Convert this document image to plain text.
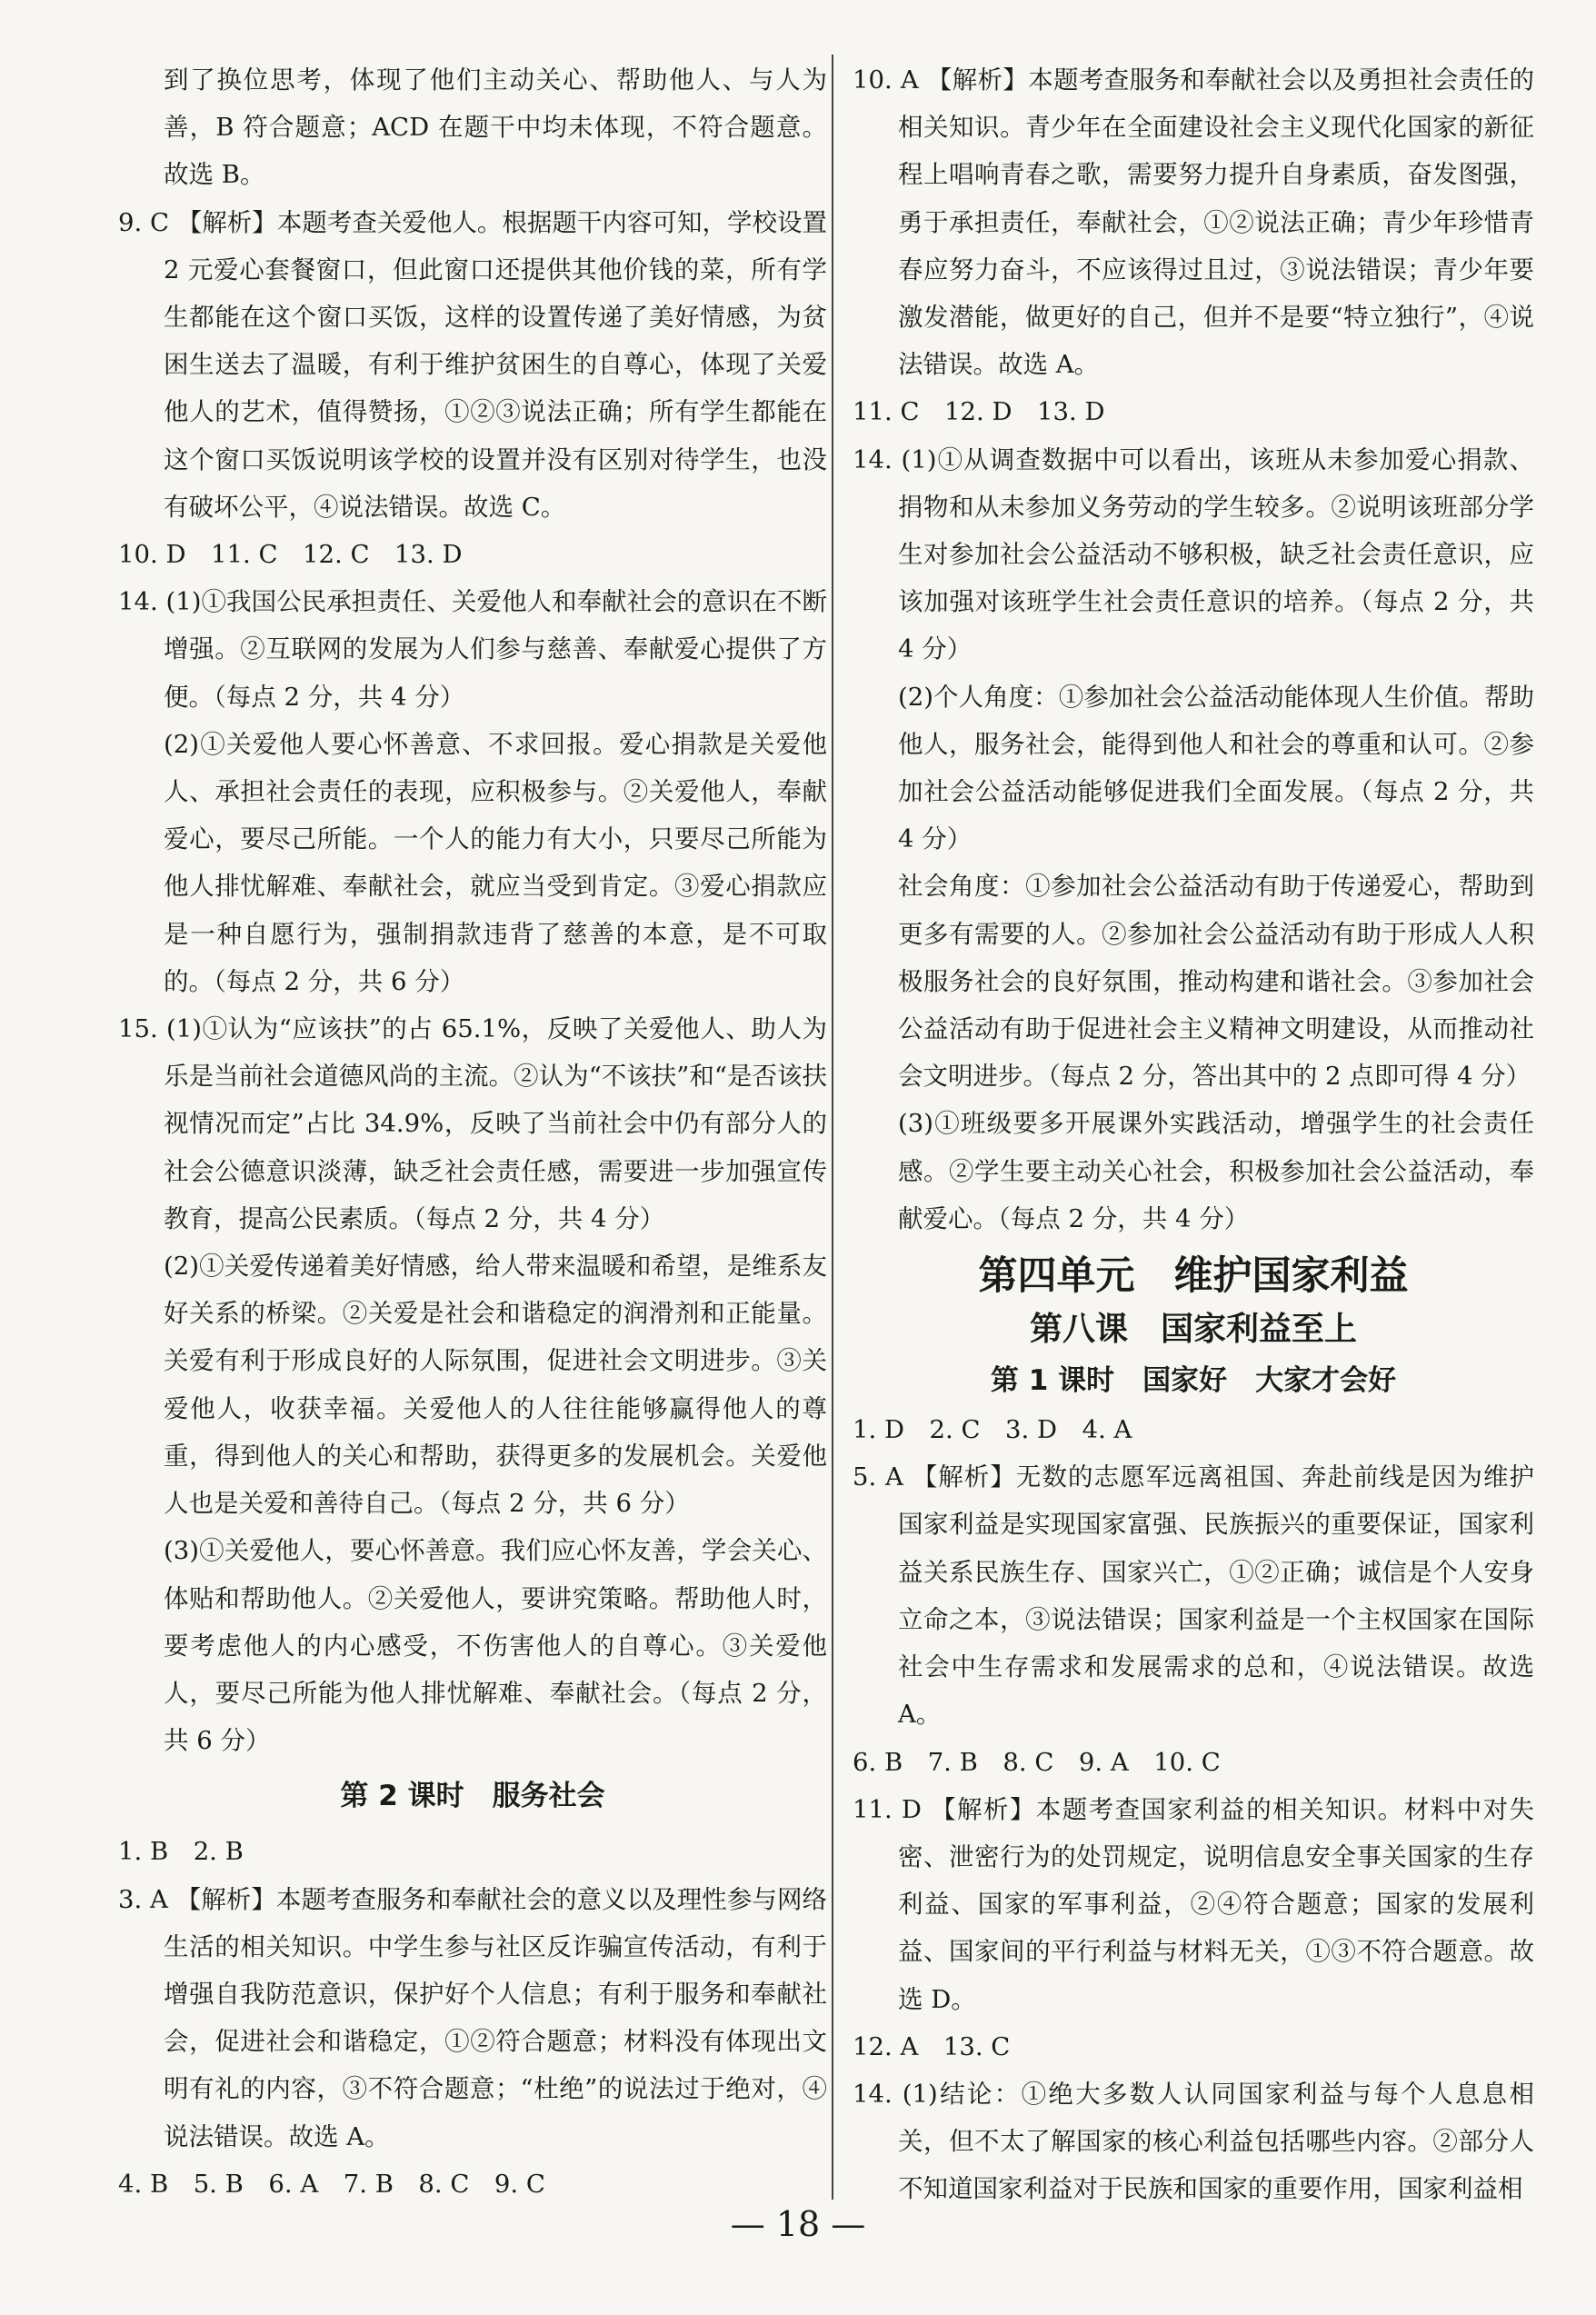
到了换位思考，体现了他们主动关心、帮助他人、与人为善，B 符合题意；ACD 在题干中均未体现，不符合题意。故选 B。
9. C 【解析】本题考查关爱他人。根据题干内容可知，学校设置 2 元爱心套餐窗口，但此窗口还提供其他价钱的菜，所有学生都能在这个窗口买饭，这样的设置传递了美好情感，为贫困生送去了温暖，有利于维护贫困生的自尊心，体现了关爱他人的艺术，值得赞扬，①②③说法正确；所有学生都能在这个窗口买饭说明该学校的设置并没有区别对待学生，也没有破坏公平，④说法错误。故选 C。
10. D　11. C　12. C　13. D
14. (1)①我国公民承担责任、关爱他人和奉献社会的意识在不断增强。②互联网的发展为人们参与慈善、奉献爱心提供了方便。（每点 2 分，共 4 分）
(2)①关爱他人要心怀善意、不求回报。爱心捐款是关爱他人、承担社会责任的表现，应积极参与。②关爱他人，奉献爱心，要尽己所能。一个人的能力有大小，只要尽己所能为他人排忧解难、奉献社会，就应当受到肯定。③爱心捐款应是一种自愿行为，强制捐款违背了慈善的本意，是不可取的。（每点 2 分，共 6 分）
15. (1)①认为“应该扶”的占 65.1%，反映了关爱他人、助人为乐是当前社会道德风尚的主流。②认为“不该扶”和“是否该扶视情况而定”占比 34.9%，反映了当前社会中仍有部分人的社会公德意识淡薄，缺乏社会责任感，需要进一步加强宣传教育，提高公民素质。（每点 2 分，共 4 分）
(2)①关爱传递着美好情感，给人带来温暖和希望，是维系友好关系的桥梁。②关爱是社会和谐稳定的润滑剂和正能量。关爱有利于形成良好的人际氛围，促进社会文明进步。③关爱他人，收获幸福。关爱他人的人往往能够赢得他人的尊重，得到他人的关心和帮助，获得更多的发展机会。关爱他人也是关爱和善待自己。（每点 2 分，共 6 分）
(3)①关爱他人，要心怀善意。我们应心怀友善，学会关心、体贴和帮助他人。②关爱他人，要讲究策略。帮助他人时，要考虑他人的内心感受，不伤害他人的自尊心。③关爱他人，要尽己所能为他人排忧解难、奉献社会。（每点 2 分，共 6 分）
第 2 课时　服务社会
1. B　2. B
3. A 【解析】本题考查服务和奉献社会的意义以及理性参与网络生活的相关知识。中学生参与社区反诈骗宣传活动，有利于增强自我防范意识，保护好个人信息；有利于服务和奉献社会，促进社会和谐稳定，①②符合题意；材料没有体现出文明有礼的内容，③不符合题意；“杜绝”的说法过于绝对，④说法错误。故选 A。
4. B　5. B　6. A　7. B　8. C　9. C
10. A 【解析】本题考查服务和奉献社会以及勇担社会责任的相关知识。青少年在全面建设社会主义现代化国家的新征程上唱响青春之歌，需要努力提升自身素质，奋发图强，勇于承担责任，奉献社会，①②说法正确；青少年珍惜青春应努力奋斗，不应该得过且过，③说法错误；青少年要激发潜能，做更好的自己，但并不是要“特立独行”，④说法错误。故选 A。
11. C　12. D　13. D
14. (1)①从调查数据中可以看出，该班从未参加爱心捐款、捐物和从未参加义务劳动的学生较多。②说明该班部分学生对参加社会公益活动不够积极，缺乏社会责任意识，应该加强对该班学生社会责任意识的培养。（每点 2 分，共 4 分）
(2)个人角度：①参加社会公益活动能体现人生价值。帮助他人，服务社会，能得到他人和社会的尊重和认可。②参加社会公益活动能够促进我们全面发展。（每点 2 分，共 4 分）
社会角度：①参加社会公益活动有助于传递爱心，帮助到更多有需要的人。②参加社会公益活动有助于形成人人积极服务社会的良好氛围，推动构建和谐社会。③参加社会公益活动有助于促进社会主义精神文明建设，从而推动社会文明进步。（每点 2 分，答出其中的 2 点即可得 4 分）
(3)①班级要多开展课外实践活动，增强学生的社会责任感。②学生要主动关心社会，积极参加社会公益活动，奉献爱心。（每点 2 分，共 4 分）
第四单元　维护国家利益
第八课　国家利益至上
第 1 课时　国家好　大家才会好
1. D　2. C　3. D　4. A
5. A 【解析】无数的志愿军远离祖国、奔赴前线是因为维护国家利益是实现国家富强、民族振兴的重要保证，国家利益关系民族生存、国家兴亡，①②正确；诚信是个人安身立命之本，③说法错误；国家利益是一个主权国家在国际社会中生存需求和发展需求的总和，④说法错误。故选 A。
6. B　7. B　8. C　9. A　10. C
11. D 【解析】本题考查国家利益的相关知识。材料中对失密、泄密行为的处罚规定，说明信息安全事关国家的生存利益、国家的军事利益，②④符合题意；国家的发展利益、国家间的平行利益与材料无关，①③不符合题意。故选 D。
12. A　13. C
14. (1)结论：①绝大多数人认同国家利益与每个人息息相关，但不太了解国家的核心利益包括哪些内容。②部分人不知道国家利益对于民族和国家的重要作用，国家利益相
— 18 —
